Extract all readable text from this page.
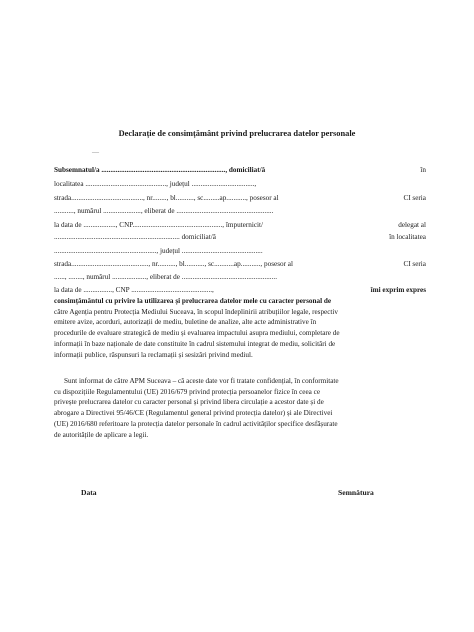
Declarație de consimțământ privind prelucrarea datelor personale
—
Subsemnatul/a ....................................................................., domiciliat/ă	în
localitatea ............................................., județul ...................................,
strada........................................, nr........, bl.........., sc.........ap..........., posesor al	CI seria
..........., numărul ....................., eliberat de ......................................................
la data de .................., CNP.................................................., împuternicit/	delegat al
...................................................................... domiciliat/ă	în localitatea
........................................................., județul .............................................
strada..........................................., nr.........., bl..........., sc...........ap..........., posesor al	CI seria
......, ........, numărul ..................., eliberat de .....................................................
la data de ................, CNP .............................................,	îmi exprim expres
consimțământul cu privire la utilizarea și prelucrarea datelor mele cu caracter personal de
către Agenția pentru Protecția Mediului Suceava, în scopul îndeplinirii atribuțiilor legale, respectiv
emitere avize, acorduri, autorizații de mediu, buletine de analize, alte acte administrative în
procedurile de evaluare strategică de mediu și evaluarea impactului asupra mediului, completare de
informații în baze naționale de date constituite în cadrul sistemului integrat de mediu, solicitări de
informații publice, răspunsuri la reclamații și sesizări privind mediul.
Sunt informat de către APM Suceava – că aceste date vor fi tratate confidențial, în conformitate
cu dispozițiile Regulamentului (UE) 2016/679 privind protecția persoanelor fizice în ceea ce
privește prelucrarea datelor cu caracter personal și privind libera circulație a acestor date și de
abrogare a Directivei 95/46/CE (Regulamentul general privind protecția datelor) și ale Directivei
(UE) 2016/680 referitoare la protecția datelor personale în cadrul activităților specifice desfășurate
de autoritățile de aplicare a legii.
Data	Semnătura
